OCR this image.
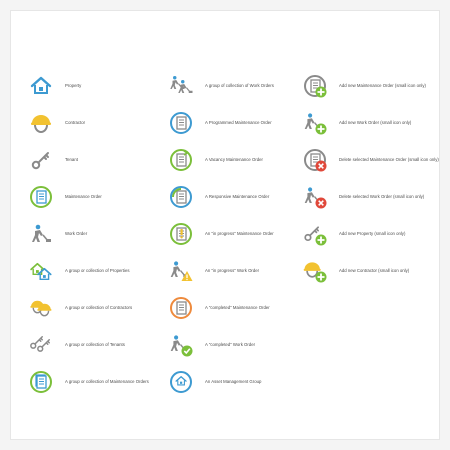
Property
Contractor
Tenant
Maintenance Order
Work Order
A group or collection of Properties
A group or collection of Contractors
A group or collection of Tenants
A group or collection of Maintenance Orders
A group of collection of Work Orders
A Programmed Maintenance Order
A Vacancy Maintenance Order
A Responsive Maintenance Order
An "in progress" Maintenance Order
An "in progress" Work Order
A "completed" Maintenance Order
A "completed" Work Order
An Asset Management Group
Add new Maintenance Order (small icon only)
Add new Work Order (small icon only)
Delete selected Maintenance Order (small icon only)
Delete selected Work Order (small icon only)
Add new Property (small icon only)
Add new Contractor (small icon only)
